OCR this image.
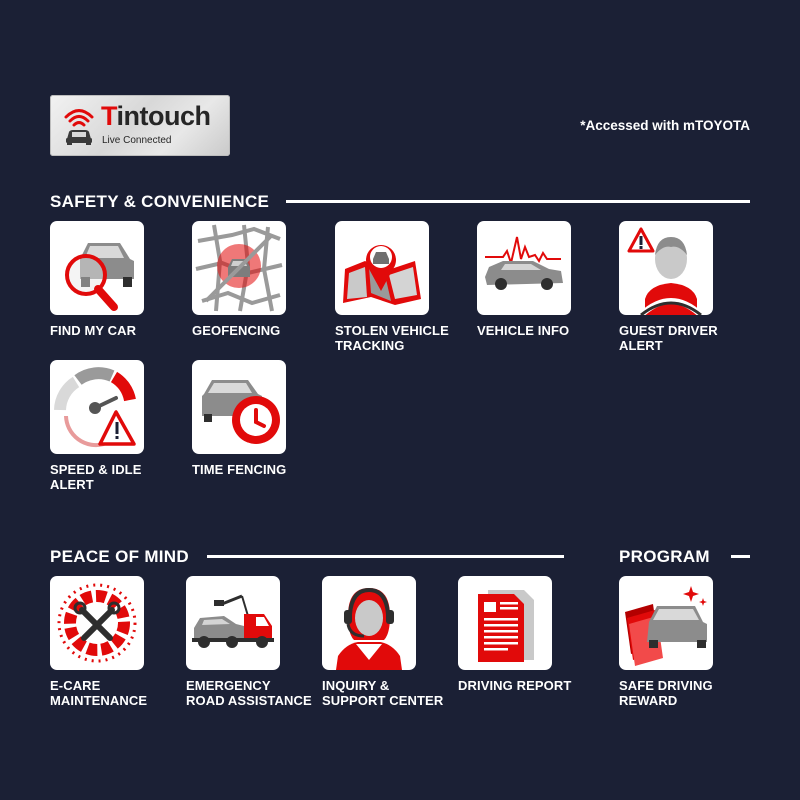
Tintouch
Live Connected
*Accessed with mTOYOTA
SAFETY & CONVENIENCE
FIND MY CAR	GEOFENCING	STOLEN VEHICLE
TRACKING
VEHICLE INFO	GUEST DRIVER
ALERT
SPEED & IDLE
ALERT
TIME FENCING
PEACE OF MIND	PROGRAM
E-CARE
MAINTENANCE
EMERGENCY
ROAD ASSISTANCE
INQUIRY &
SUPPORT CENTER
DRIVING REPORT	SAFE DRIVING
REWARD
